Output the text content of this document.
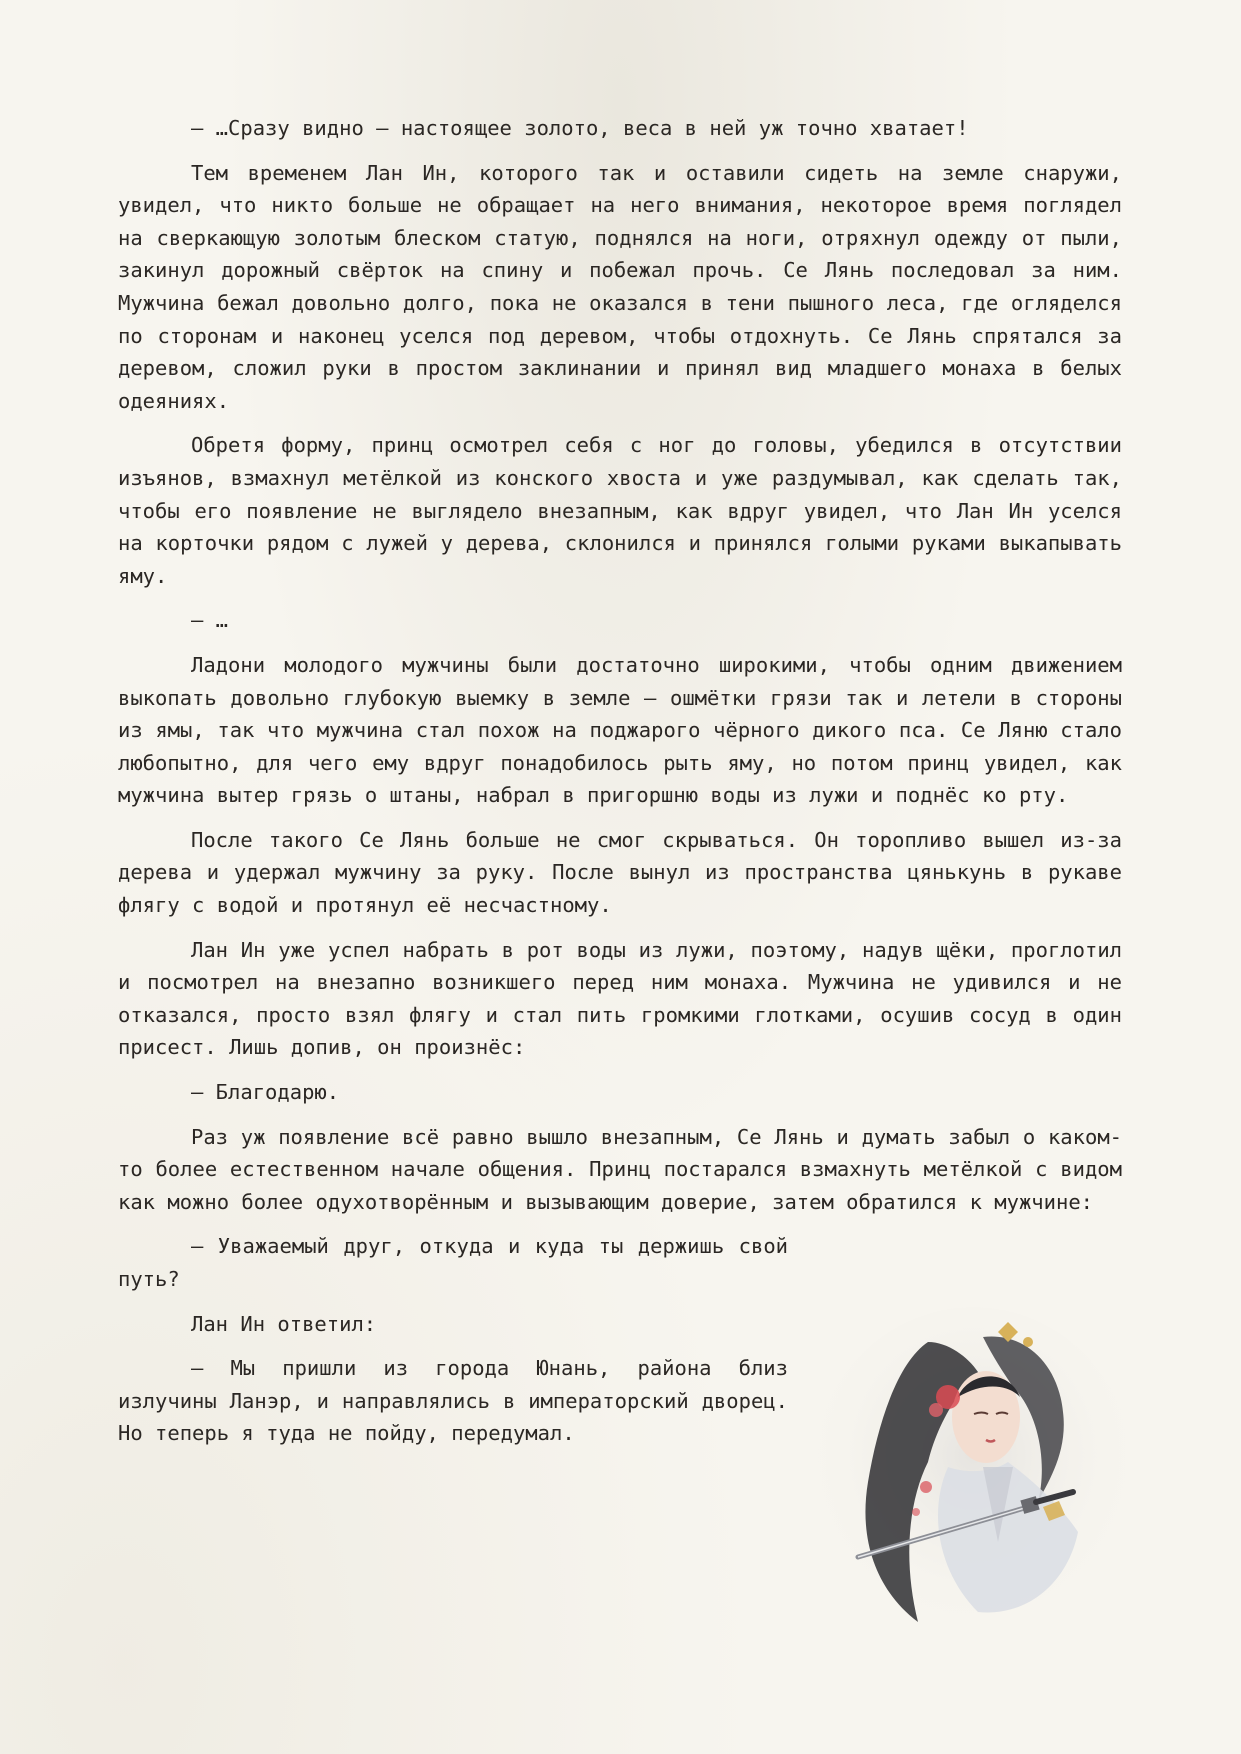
— …Сразу видно — настоящее золото, веса в ней уж точно хватает!

Тем временем Лан Ин, которого так и оставили сидеть на земле снаружи, увидел, что никто больше не обращает на него внимания, некоторое время поглядел на сверкающую золотым блеском статую, поднялся на ноги, отряхнул одежду от пыли, закинул дорожный свёрток на спину и побежал прочь. Се Лянь последовал за ним. Мужчина бежал довольно долго, пока не оказался в тени пышного леса, где огляделся по сторонам и наконец уселся под деревом, чтобы отдохнуть. Се Лянь спрятался за деревом, сложил руки в простом заклинании и принял вид младшего монаха в белых одеяниях.

Обретя форму, принц осмотрел себя с ног до головы, убедился в отсутствии изъянов, взмахнул метёлкой из конского хвоста и уже раздумывал, как сделать так, чтобы его появление не выглядело внезапным, как вдруг увидел, что Лан Ин уселся на корточки рядом с лужей у дерева, склонился и принялся голыми руками выкапывать яму.

— …

Ладони молодого мужчины были достаточно широкими, чтобы одним движением выкопать довольно глубокую выемку в земле — ошмётки грязи так и летели в стороны из ямы, так что мужчина стал похож на поджарого чёрного дикого пса. Се Ляню стало любопытно, для чего ему вдруг понадобилось рыть яму, но потом принц увидел, как мужчина вытер грязь о штаны, набрал в пригоршню воды из лужи и поднёс ко рту.

После такого Се Лянь больше не смог скрываться. Он торопливо вышел из-за дерева и удержал мужчину за руку. После вынул из пространства цянькунь в рукаве флягу с водой и протянул её несчастному.

Лан Ин уже успел набрать в рот воды из лужи, поэтому, надув щёки, проглотил и посмотрел на внезапно возникшего перед ним монаха. Мужчина не удивился и не отказался, просто взял флягу и стал пить громкими глотками, осушив сосуд в один присест. Лишь допив, он произнёс:

— Благодарю.

Раз уж появление всё равно вышло внезапным, Се Лянь и думать забыл о каком-то более естественном начале общения. Принц постарался взмахнуть метёлкой с видом как можно более одухотворённым и вызывающим доверие, затем обратился к мужчине:

— Уважаемый друг, откуда и куда ты держишь свой путь?

Лан Ин ответил:

— Мы пришли из города Юнань, района близ излучины Ланэр, и направлялись в императорский дворец. Но теперь я туда не пойду, передумал.
